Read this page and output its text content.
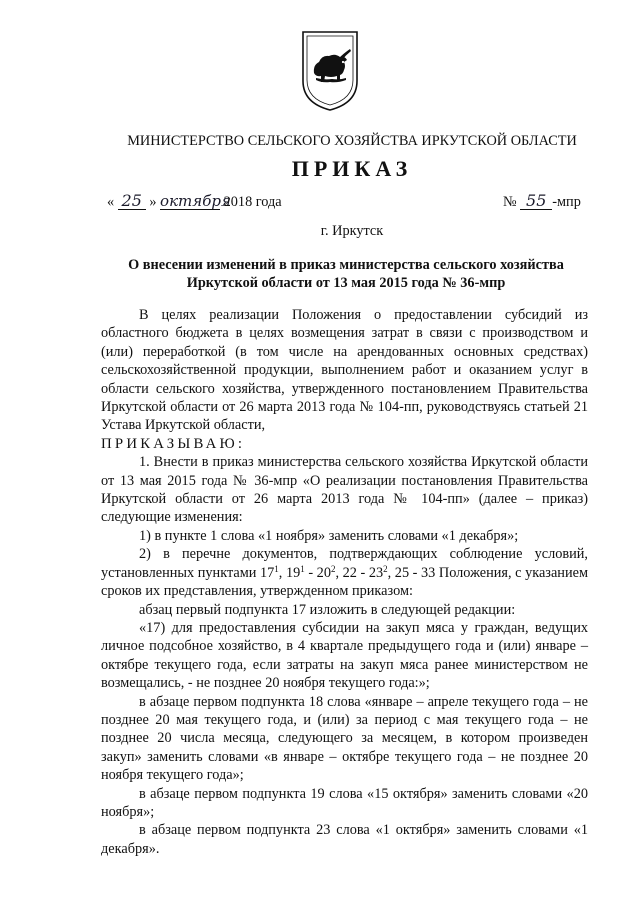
МИНИСТЕРСТВО СЕЛЬСКОГО ХОЗЯЙСТВА ИРКУТСКОЙ ОБЛАСТИ
ПРИКАЗ
« 25 » октября 2018 года	№ 55 -мпр
г. Иркутск
О внесении изменений в приказ министерства сельского хозяйства
Иркутской области от 13 мая 2015 года № 36-мпр

В целях реализации Положения о предоставлении субсидий из областного бюджета в целях возмещения затрат в связи с производством и (или) переработкой (в том числе на арендованных основных средствах) сельскохозяйственной продукции, выполнением работ и оказанием услуг в области сельского хозяйства, утвержденного постановлением Правительства Иркутской области от 26 марта 2013 года № 104-пп, руководствуясь статьей 21 Устава Иркутской области,

ПРИКАЗЫВАЮ:

1. Внести в приказ министерства сельского хозяйства Иркутской области от 13 мая 2015 года № 36-мпр «О реализации постановления Правительства Иркутской области от 26 марта 2013 года № 104-пп» (далее – приказ) следующие изменения:

1) в пункте 1 слова «1 ноября» заменить словами «1 декабря»;

2) в перечне документов, подтверждающих соблюдение условий, установленных пунктами $17^1$, $19^1 - 20^2$, $22 - 23^2$, 25 - 33 Положения, с указанием сроков их представления, утвержденном приказом:

абзац первый подпункта 17 изложить в следующей редакции:

«17) для предоставления субсидии на закуп мяса у граждан, ведущих личное подсобное хозяйство, в 4 квартале предыдущего года и (или) январе – октябре текущего года, если затраты на закуп мяса ранее министерством не возмещались, - не позднее 20 ноября текущего года:»;

в абзаце первом подпункта 18 слова «январе – апреле текущего года – не позднее 20 мая текущего года, и (или) за период с мая текущего года – не позднее 20 числа месяца, следующего за месяцем, в котором произведен закуп» заменить словами «в январе – октябре текущего года – не позднее 20 ноября текущего года»;

в абзаце первом подпункта 19 слова «15 октября» заменить словами «20 ноября»;

в абзаце первом подпункта 23 слова «1 октября» заменить словами «1 декабря».
